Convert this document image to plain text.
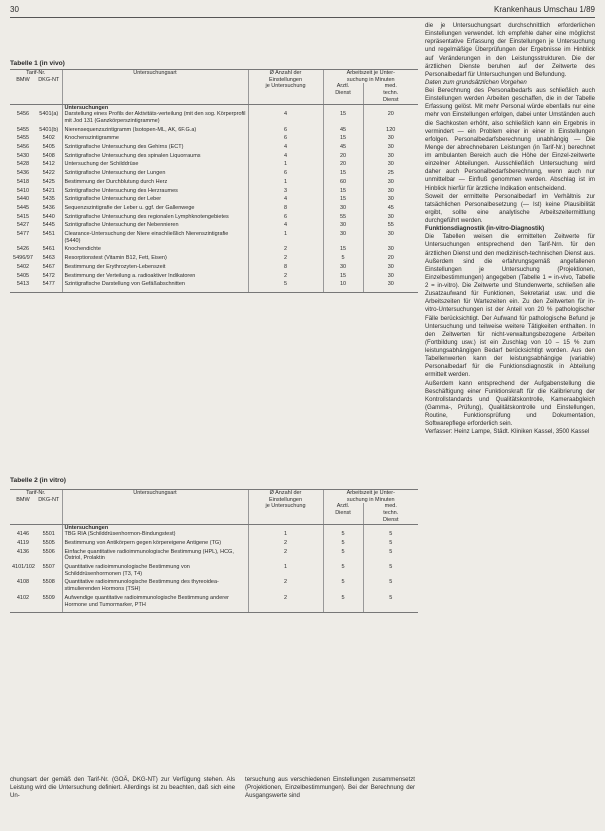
30	Krankenhaus Umschau 1/89
Tabelle 1 (in vivo)
Tarif-Nr.		Untersuchungsart	Ø Anzahl der	Arbeitszeit je Unter-	
BMW	DKG-NT		Einstellungen	suchung in Minuten	
			je Untersuchung	Ärztl.	med.
				Dienst	techn.
Dienst
		Untersuchungen			
5456	5401(a)	Darstellung eines Profils der Aktivitäts-verteilung (mit den sog. Körperprofil mit Jod 131 (Ganzkörperszintigramme)	4	15	20
5455	5401(b)	Nierensequenzszintigramm (Isotopen-ML, AK, 6F.G.a)	6	45	120
5455	5402	Knochenszintigramme	6	15	30
5456	5405	Szintigrafische Untersuchung des Gehirns (ECT)	4	45	30
5430	5408	Szintigrafische Untersuchung des spinalen Liquorraums	4	20	30
5428	5412	Untersuchung der Schilddrüse	1	20	30
5436	5422	Szintigrafische Untersuchung der Lungen	6	15	25
5418	5425	Bestimmung der Durchblutung durch Herz	1	60	30
5410	5421	Szintigrafische Untersuchung des Herzraumes	3	15	30
5440	5435	Szintigrafische Untersuchung der Leber	4	15	30
5445	5436	Sequenzszintigrafie der Leber u. ggf. der Gallenwege	8	30	45
5415	5440	Szintigrafische Untersuchung des regionalen Lymphknotengebietes	6	55	30
5427	5445	Szintigrafische Untersuchung der Nebennieren	4	30	55
5477	5451	Clearance-Untersuchung der Niere einschließlich Nierenszintigrafie (5440)	1	30	30
5426	5461	Knochendichte	2	15	30
5496/97	5463	Resorptionstest (Vitamin B12, Fett, Eisen)	2	5	20
5402	5467	Bestimmung der Erythrozyten-Lebenszeit	8	30	30
5405	5472	Bestimmung der Verteilung a. radioaktiver Indikatoren	2	15	30
5413	5477	Szintigrafische Darstellung von Gefäßabschnitten	5	10	30
Tabelle 2 (in vitro)
Tarif-Nr.		Untersuchungsart	Ø Anzahl der	Arbeitszeit je Unter-	
BMW	DKG-NT		Einstellungen	suchung in Minuten	
			je Untersuchung	Ärztl.	med.
				Dienst	techn.
Dienst
		Untersuchungen			
4146	5501	TBG RIA (Schilddrüsenhormon-Bindungstest)	1	5	5
4119	5505	Bestimmung von Antikörpern gegen körpereigene Antigene (TG)	2	5	5
4136	5506	Einfache quantitative radioimmunologische Bestimmung (HPL), HCG, Östriol, Prolaktin	2	5	5
4101/102	5507	Quantitative radioimmunologische Bestimmung von Schilddrüsenhormonen (T3, T4)	1	5	5
4108	5508	Quantitative radioimmunologische Bestimmung des thyreoidea-stimulierenden Hormons (TSH)	2	5	5
4102	5509	Aufwendige quantitative radioimmunologische Bestimmung anderer Hormone und Tumormarker, PTH	2	5	5

die je Untersuchungsart durchschnittlich erforderlichen Einstellungen verwendet. Ich empfehle daher eine möglichst repräsentative Erfassung der Einstellungen je Untersuchung und regelmäßige Überprüfungen der Ergebnisse im Hinblick auf Veränderungen in den Leistungsstrukturen. Die der ärztlichen Dienste beruhen auf der Zeitwerte des Personalbedarf für Untersuchungen und Befundung.

Daten zum grundsätzlichen Vorgehen

Bei Berechnung des Personalbedarfs aus schließlich auch Einstellungen werden Arbeiten geschaffen, die in der Tabelle Erfassung gelöst. Mit mehr Personal würde ebenfalls nur eine mehr von Einstellungen erfolgen, dabei unter Umständen auch die Sachkosten erhöht, also schließlich kann ein Ergebnis in vermindert — ein Problem einer in einer in Einstellungen erfolgen. Personalbedarfsberechnung unabhängig — Die Menge der abrechnebaren Leistungen (in Tarif-Nr.) berechnet im ambulanten Bereich auch die Höhe der Einzel-zeitwerte einzelner Abteilungen. Ausschließlich Untersuchung wird daher auch Personalbedarfsberechnung, wenn auch nur unmittelbar — Einfluß genommen werden. Abschlag ist im Hinblick hierfür für ärztliche Indikation entscheidend.

Soweit der ermittelte Personalbedarf im Verhältnis zur tatsächlichen Personalbesetzung (— Ist) keine Plausibilität ergibt, sollte eine analytische Arbeitszeitermittlung durchgeführt werden.

Funktionsdiagnostik (in-vitro-Diagnostik)

Die Tabellen weisen die ermittelten Zeitwerte für Untersuchungen entsprechend den Tarif-Nrn. für den ärztlichen Dienst und den medizinisch-technischen Dienst aus. Außerdem sind die erfahrungsgemäß angefallenen Einstellungen je Untersuchung (Projektionen, Einzelbestimmungen) angegeben (Tabelle 1 = in-vivo, Tabelle 2 = in-vitro). Die Zeitwerte und Stundenwerte, schließen alle Zusatzaufwand für Funktionen, Sekretariat usw. und die Arbeitszeiten für Wartezeiten ein. Zu den Zeitwerten für in-vitro-Untersuchungen ist der Anteil von 20 % pathologischer Fälle berücksichtigt. Der Aufwand für pathologische Befund je Untersuchung und teilweise weitere Tätigkeiten enthalten. In den Zeitwerten für nicht-verwaltungsbezogene Arbeiten (Fortbildung usw.) ist ein Zuschlag von 10 – 15 % zum leistungsabhängigen Bedarf berücksichtigt worden. Aus den Tabellenwerten kann der leistungsabhängige (variable) Personalbedarf für die Funktionsdiagnostik in Abteilung ermittelt werden.

Außerdem kann entsprechend der Aufgabenstellung die Beschäftigung einer Funktionskraft für die Kalibrierung der Kontrollstandards und Qualitätskontrolle, Kameraabgleich (Gamma-, Prüfung), Qualitätskontrolle und Einstellungen, Routine, Funktionsprüfung und Dokumentation, Softwarepflege erforderlich sein.

Verfasser: Heinz Lampe, Städt. Kliniken Kassel, 3500 Kassel

chungsart der gemäß den Tarif-Nr. (GOÄ, DKG-NT) zur Verfügung stehen. Als Leistung wird die Untersuchung definiert. Allerdings ist zu beachten, daß sich eine Un-
tersuchung aus verschiedenen Einstellungen zusammensetzt (Projektionen, Einzelbestimmungen). Bei der Berechnung der Ausgangswerte sind
